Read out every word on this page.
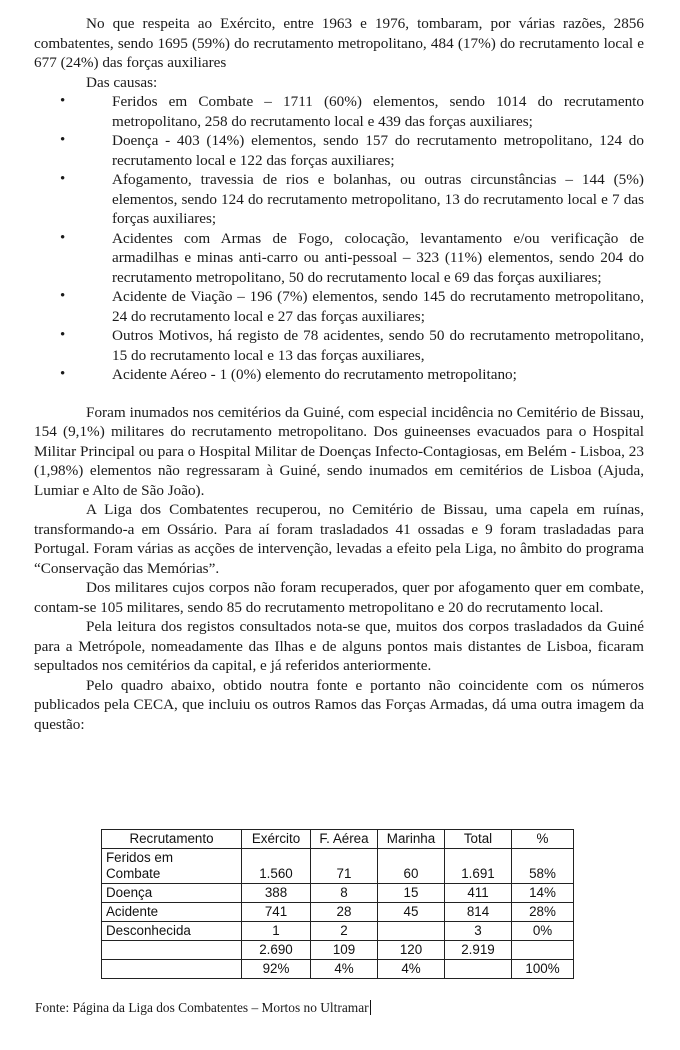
No que respeita ao Exército, entre 1963 e 1976, tombaram, por várias razões, 2856 combatentes, sendo 1695 (59%) do recrutamento metropolitano, 484 (17%) do recrutamento local e 677 (24%) das forças auxiliares

Das causas:

•	Feridos em Combate – 1711 (60%) elementos, sendo 1014 do recrutamento metropolitano, 258 do recrutamento local e 439 das forças auxiliares;
•	Doença - 403 (14%) elementos, sendo 157 do recrutamento metropolitano, 124 do recrutamento local e 122 das forças auxiliares;
•	Afogamento, travessia de rios e bolanhas, ou outras circunstâncias – 144 (5%) elementos, sendo 124 do recrutamento metropolitano, 13 do recrutamento local e 7 das forças auxiliares;
•	Acidentes com Armas de Fogo, colocação, levantamento e/ou verificação de armadilhas e minas anti-carro ou anti-pessoal – 323 (11%) elementos, sendo 204 do recrutamento metropolitano, 50 do recrutamento local e 69 das forças auxiliares;
•	Acidente de Viação – 196 (7%) elementos, sendo 145 do recrutamento metropolitano, 24 do recrutamento local e 27 das forças auxiliares;
•	Outros Motivos, há registo de 78 acidentes, sendo 50 do recrutamento metropolitano, 15 do recrutamento local e 13 das forças auxiliares,
•	Acidente Aéreo - 1 (0%) elemento do recrutamento metropolitano;

Foram inumados nos cemitérios da Guiné, com especial incidência no Cemitério de Bissau, 154 (9,1%) militares do recrutamento metropolitano. Dos guineenses evacuados para o Hospital Militar Principal ou para o Hospital Militar de Doenças Infecto-Contagiosas, em Belém - Lisboa, 23 (1,98%) elementos não regressaram à Guiné, sendo inumados em cemitérios de Lisboa (Ajuda, Lumiar e Alto de São João).

A Liga dos Combatentes recuperou, no Cemitério de Bissau, uma capela em ruínas, transformando-a em Ossário. Para aí foram trasladados 41 ossadas e 9 foram trasladadas para Portugal. Foram várias as acções de intervenção, levadas a efeito pela Liga, no âmbito do programa “Conservação das Memórias”.

Dos militares cujos corpos não foram recuperados, quer por afogamento quer em combate, contam-se 105 militares, sendo 85 do recrutamento metropolitano e 20 do recrutamento local.

Pela leitura dos registos consultados nota-se que, muitos dos corpos trasladados da Guiné para a Metrópole, nomeadamente das Ilhas e de alguns pontos mais distantes de Lisboa, ficaram sepultados nos cemitérios da capital, e já referidos anteriormente.

Pelo quadro abaixo, obtido noutra fonte e portanto não coincidente com os números publicados pela CECA, que incluiu os outros Ramos das Forças Armadas, dá uma outra imagem da questão:

Recrutamento	Exército	F. Aérea	Marinha	Total	%
Feridos em
Combate	1.560	71	60	1.691	58%
Doença	388	8	15	411	14%
Acidente	741	28	45	814	28%
Desconhecida	1	2		3	0%
	2.690	109	120	2.919	
	92%	4%	4%		100%
Fonte: Página da Liga dos Combatentes – Mortos no Ultramar
